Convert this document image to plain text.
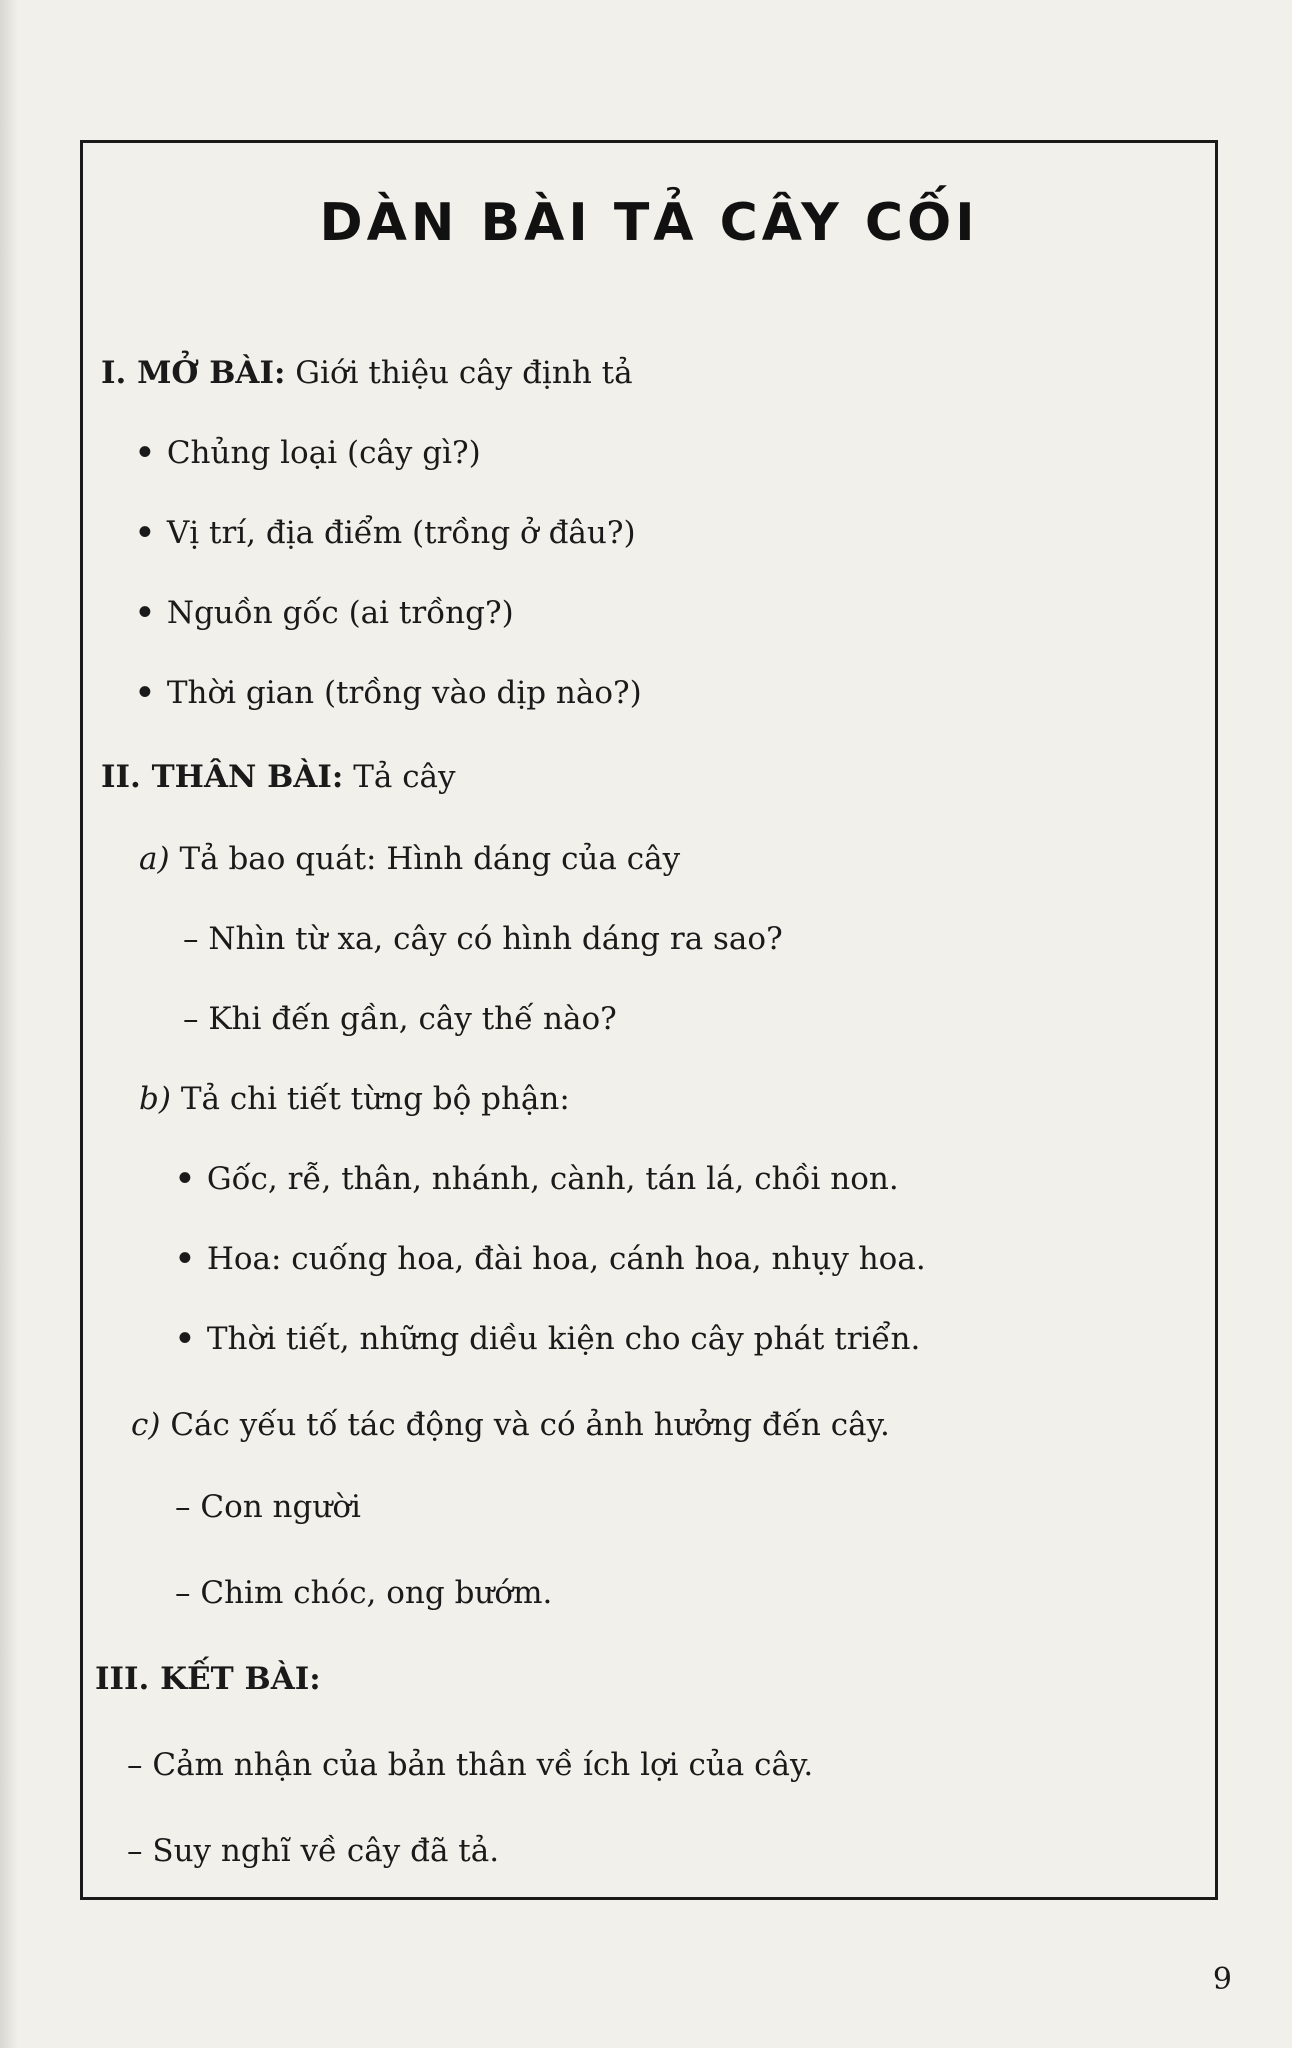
DÀN BÀI TẢ CÂY CỐI
I. MỞ BÀI: Giới thiệu cây định tả
• Chủng loại (cây gì?)
• Vị trí, địa điểm (trồng ở đâu?)
• Nguồn gốc (ai trồng?)
• Thời gian (trồng vào dịp nào?)
II. THÂN BÀI: Tả cây
a) Tả bao quát: Hình dáng của cây
– Nhìn từ xa, cây có hình dáng ra sao?
– Khi đến gần, cây thế nào?
b) Tả chi tiết từng bộ phận:
• Gốc, rễ, thân, nhánh, cành, tán lá, chồi non.
• Hoa: cuống hoa, đài hoa, cánh hoa, nhụy hoa.
• Thời tiết, những diều kiện cho cây phát triển.
c) Các yếu tố tác động và có ảnh hưởng đến cây.
– Con người
– Chim chóc, ong bướm.
III. KẾT BÀI:
– Cảm nhận của bản thân về ích lợi của cây.
– Suy nghĩ về cây đã tả.
9
